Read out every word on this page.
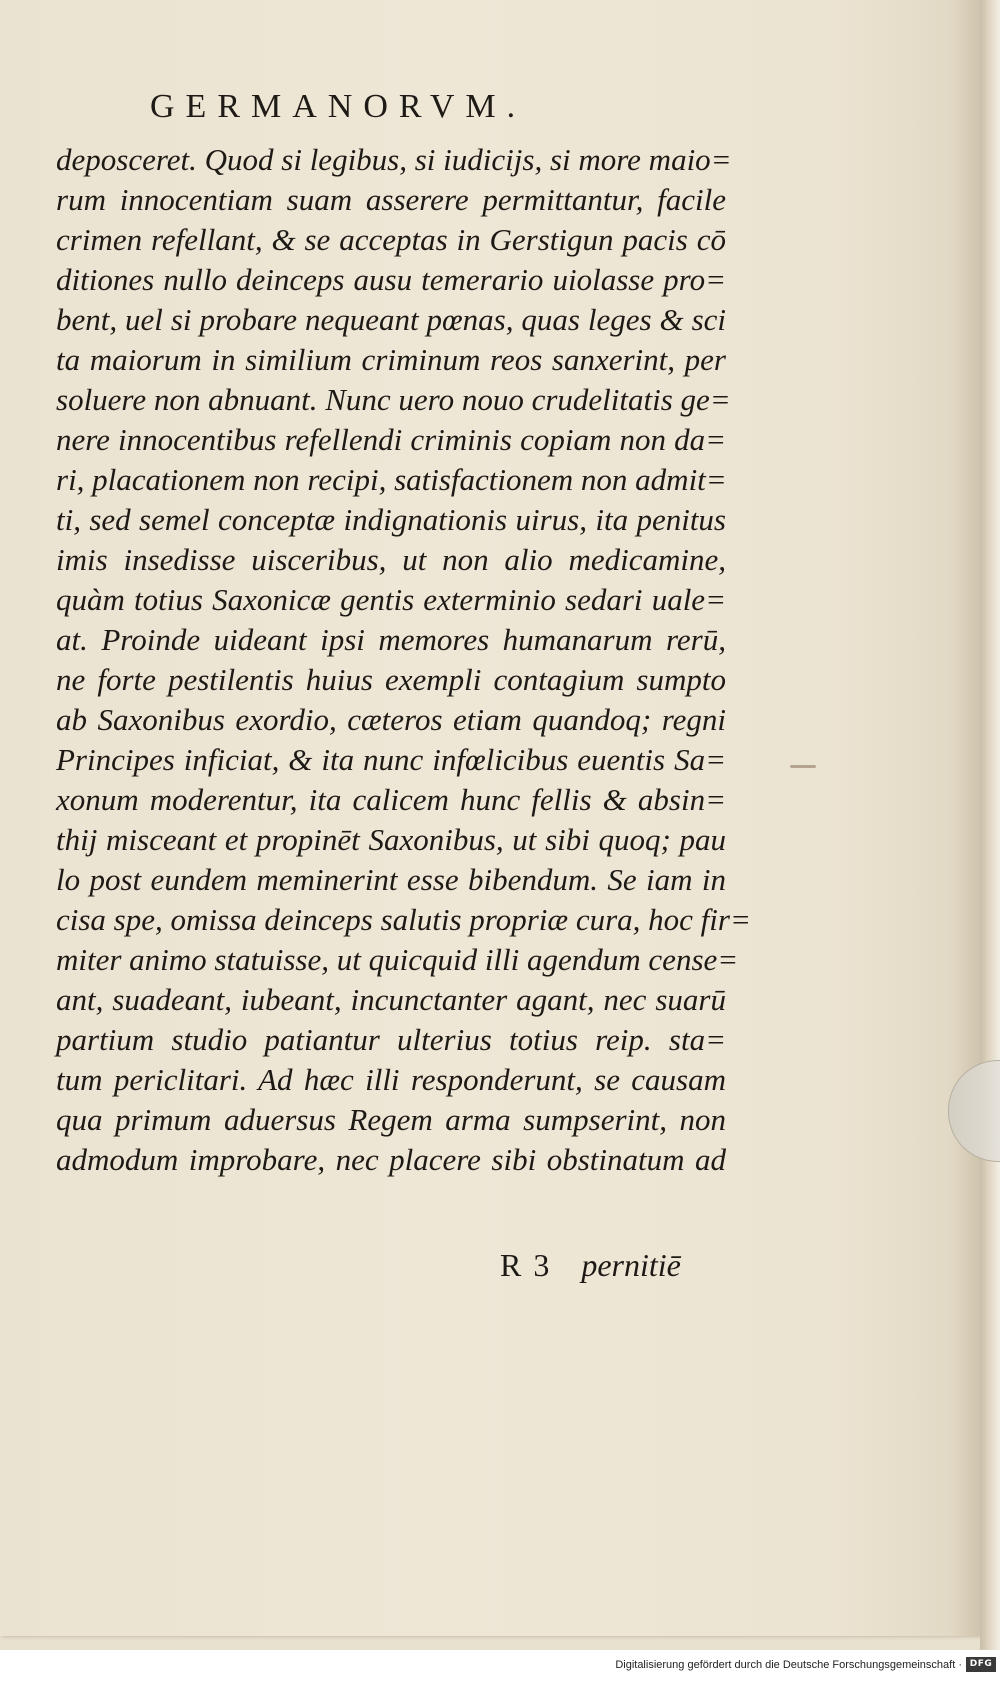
GERMANORVM.
deposceret. Quod si legibus, si iudicijs, si more maio=
rum innocentiam suam asserere permittantur, facile
crimen refellant, & se acceptas in Gerstigun pacis cō
ditiones nullo deinceps ausu temerario uiolasse pro=
bent, uel si probare nequeant pœnas, quas leges & sci
ta maiorum in similium criminum reos sanxerint, per
soluere non abnuant. Nunc uero nouo crudelitatis ge=
nere innocentibus refellendi criminis copiam non da=
ri, placationem non recipi, satisfactionem non admit=
ti, sed semel conceptæ indignationis uirus, ita penitus
imis insedisse uisceribus, ut non alio medicamine,
quàm totius Saxonicæ gentis exterminio sedari uale=
at. Proinde uideant ipsi memores humanarum rerū,
ne forte pestilentis huius exempli contagium sumpto
ab Saxonibus exordio, cæteros etiam quandoq; regni
Principes inficiat, & ita nunc infœlicibus euentis Sa=
xonum moderentur, ita calicem hunc fellis & absin=
thij misceant et propinēt Saxonibus, ut sibi quoq; pau
lo post eundem meminerint esse bibendum. Se iam in
cisa spe, omissa deinceps salutis propriæ cura, hoc fir=
miter animo statuisse, ut quicquid illi agendum cense=
ant, suadeant, iubeant, incunctanter agant, nec suarū
partium studio patiantur ulterius totius reip. sta=
tum periclitari. Ad hæc illi responderunt, se causam
qua primum aduersus Regem arma sumpserint, non
admodum improbare, nec placere sibi obstinatum ad
R 3 pernitiē
Digitalisierung gefördert durch die Deutsche Forschungsgemeinschaft · DFG
